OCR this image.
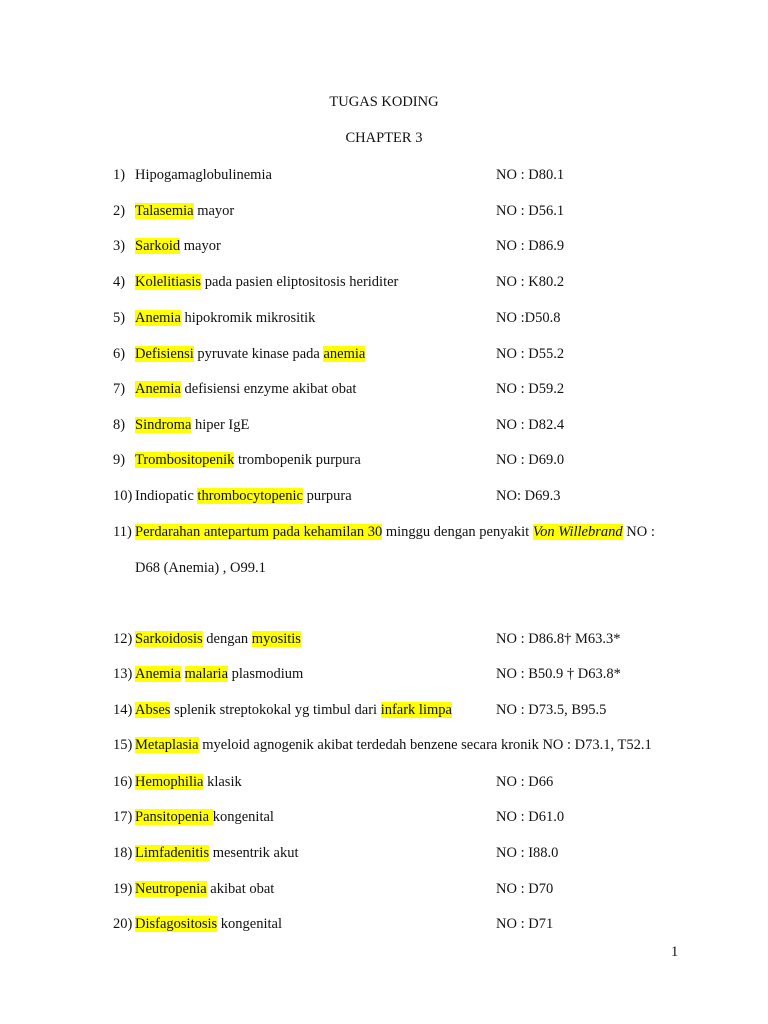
TUGAS KODING
CHAPTER 3
1) Hipogamaglobulinemia	NO : D80.1
2) Talasemia mayor	NO : D56.1
3) Sarkoid mayor	NO : D86.9
4) Kolelitiasis pada pasien eliptositosis heriditer	NO : K80.2
5) Anemia hipokromik mikrositik	NO :D50.8
6) Defisiensi pyruvate kinase pada anemia	NO : D55.2
7) Anemia defisiensi enzyme akibat obat	NO : D59.2
8) Sindroma hiper IgE	NO : D82.4
9) Trombositopenik trombopenik purpura	NO : D69.0
10) Indiopatic thrombocytopenic purpura	NO: D69.3
11) Perdarahan antepartum pada kehamilan 30 minggu dengan penyakit Von Willebrand NO :
D68 (Anemia) , O99.1
12) Sarkoidosis dengan myositis	NO : D86.8† M63.3*
13) Anemia malaria plasmodium	NO : B50.9 † D63.8*
14) Abses splenik streptokokal yg timbul dari infark limpa	NO : D73.5, B95.5
15) Metaplasia myeloid agnogenik akibat terdedah benzene secara kronik NO : D73.1, T52.1
16) Hemophilia klasik	NO : D66
17) Pansitopenia kongenital	NO : D61.0
18) Limfadenitis mesentrik akut	NO : I88.0
19) Neutropenia akibat obat	NO : D70
20) Disfagositosis kongenital	NO : D71
1
